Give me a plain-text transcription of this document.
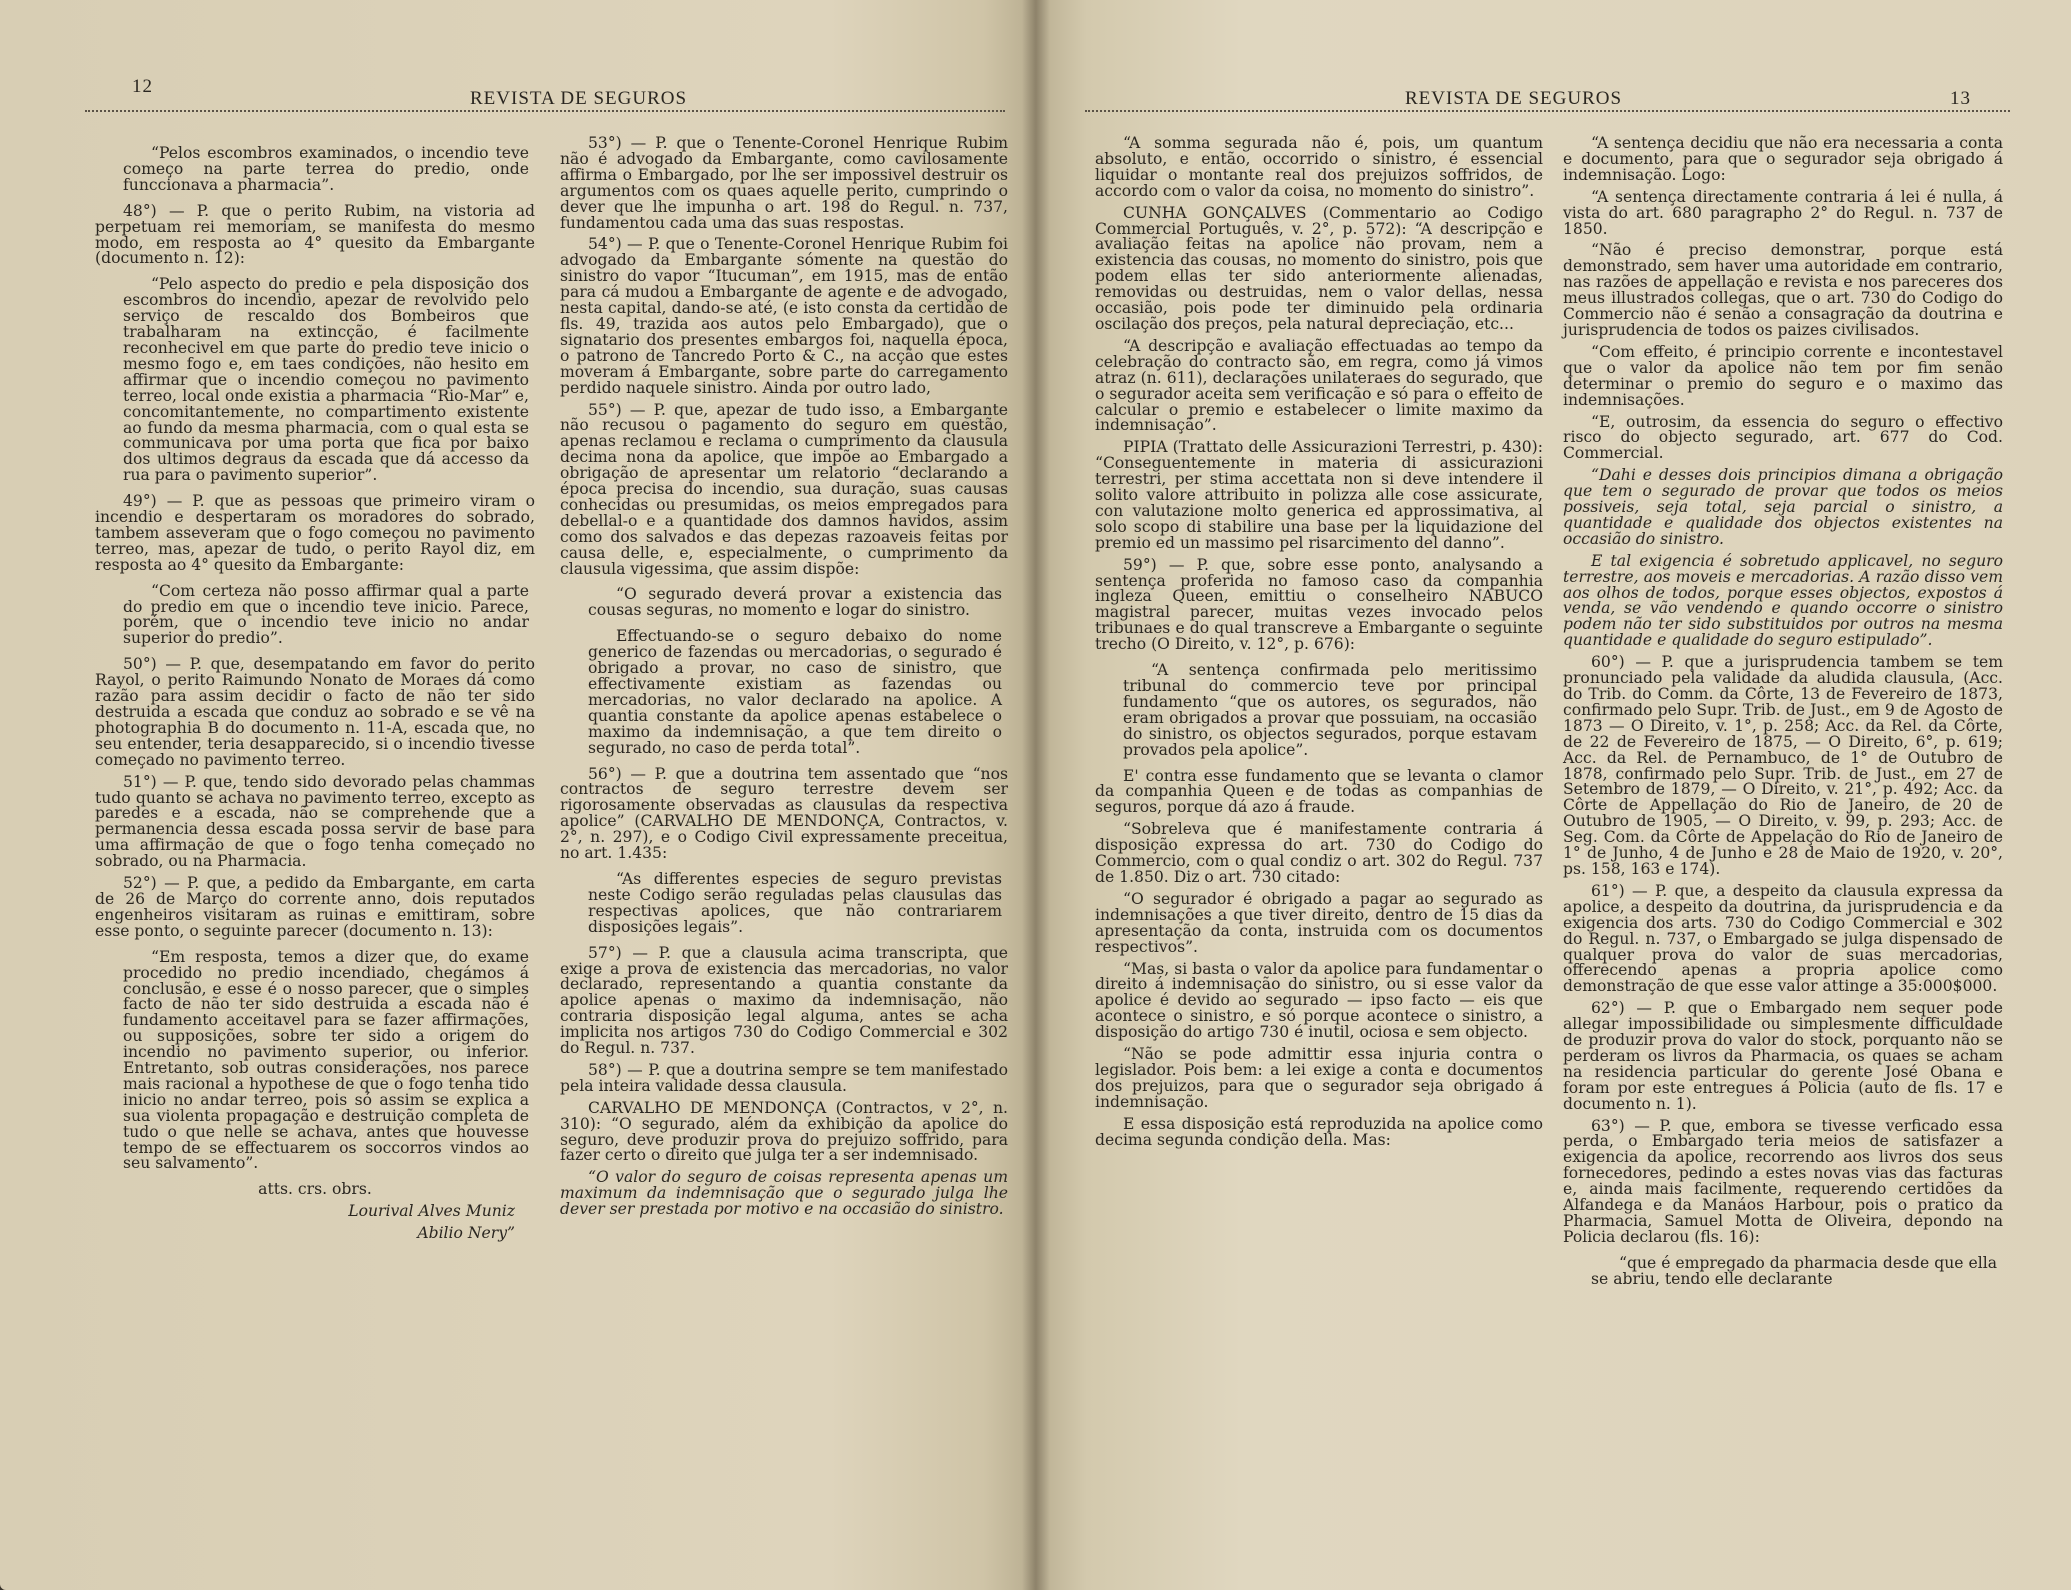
12
REVISTA DE SEGUROS

“Pelos escombros examinados, o incendio teve começo na parte terrea do predio, onde funccionava a pharmacia”.

48°) — P. que o perito Rubim, na vistoria ad perpetuam rei memoriam, se manifesta do mesmo modo, em resposta ao 4° quesito da Embargante (documento n. 12):

“Pelo aspecto do predio e pela disposição dos escombros do incendio, apezar de revolvido pelo serviço de rescaldo dos Bombeiros que trabalharam na extincção, é facilmente reconhecivel em que parte do predio teve inicio o mesmo fogo e, em taes condições, não hesito em affirmar que o incendio começou no pavimento terreo, local onde existia a pharmacia “Rio-Mar” e, concomitantemente, no compartimento existente ao fundo da mesma pharmacia, com o qual esta se communicava por uma porta que fica por baixo dos ultimos degraus da escada que dá accesso da rua para o pavimento superior”.

49°) — P. que as pessoas que primeiro viram o incendio e despertaram os moradores do sobrado, tambem asseveram que o fogo começou no pavimento terreo, mas, apezar de tudo, o perito Rayol diz, em resposta ao 4° quesito da Embargante:

“Com certeza não posso affirmar qual a parte do predio em que o incendio teve inicio. Parece, porém, que o incendio teve inicio no andar superior do predio”.

50°) — P. que, desempatando em favor do perito Rayol, o perito Raimundo Nonato de Moraes dá como razão para assim decidir o facto de não ter sido destruida a escada que conduz ao sobrado e se vê na photographia B do documento n. 11-A, escada que, no seu entender, teria desapparecido, si o incendio tivesse começado no pavimento terreo.

51°) — P. que, tendo sido devorado pelas chammas tudo quanto se achava no pavimento terreo, excepto as paredes e a escada, não se comprehende que a permanencia dessa escada possa servir de base para uma affirmação de que o fogo tenha começado no sobrado, ou na Pharmacia.

52°) — P. que, a pedido da Embargante, em carta de 26 de Março do corrente anno, dois reputados engenheiros visitaram as ruinas e emittiram, sobre esse ponto, o seguinte parecer (documento n. 13):

“Em resposta, temos a dizer que, do exame procedido no predio incendiado, chegámos á conclusão, e esse é o nosso parecer, que o simples facto de não ter sido destruida a escada não é fundamento acceitavel para se fazer affirmações, ou supposições, sobre ter sido a origem do incendio no pavimento superior, ou inferior. Entretanto, sob outras considerações, nos parece mais racional a hypothese de que o fogo tenha tido inicio no andar terreo, pois só assim se explica a sua violenta propagação e destruição completa de tudo o que nelle se achava, antes que houvesse tempo de se effectuarem os soccorros vindos ao seu salvamento”.

atts. crs. obrs.

Lourival Alves Muniz

Abilio Nery”

53°) — P. que o Tenente-Coronel Henrique Rubim não é advogado da Embargante, como cavilosamente affirma o Embargado, por lhe ser impossivel destruir os argumentos com os quaes aquelle perito, cumprindo o dever que lhe impunha o art. 198 do Regul. n. 737, fundamentou cada uma das suas respostas.

54°) — P. que o Tenente-Coronel Henrique Rubim foi advogado da Embargante sómente na questão do sinistro do vapor “Itucuman”, em 1915, mas de então para cá mudou a Embargante de agente e de advogado, nesta capital, dando-se até, (e isto consta da certidão de fls. 49, trazida aos autos pelo Embargado), que o signatario dos presentes embargos foi, naquella época, o patrono de Tancredo Porto & C., na acção que estes moveram á Embargante, sobre parte do carregamento perdido naquele sinistro. Ainda por outro lado,

55°) — P. que, apezar de tudo isso, a Embargante não recusou o pagamento do seguro em questão, apenas reclamou e reclama o cumprimento da clausula decima nona da apolice, que impõe ao Embargado a obrigação de apresentar um relatorio “declarando a época precisa do incendio, sua duração, suas causas conhecidas ou presumidas, os meios empregados para debellal-o e a quantidade dos damnos havidos, assim como dos salvados e das depezas razoaveis feitas por causa delle, e, especialmente, o cumprimento da clausula vigessima, que assim dispõe:

“O segurado deverá provar a existencia das cousas seguras, no momento e logar do sinistro.

Effectuando-se o seguro debaixo do nome generico de fazendas ou mercadorias, o segurado é obrigado a provar, no caso de sinistro, que effectivamente existiam as fazendas ou mercadorias, no valor declarado na apolice. A quantia constante da apolice apenas estabelece o maximo da indemnisação, a que tem direito o segurado, no caso de perda total”.

56°) — P. que a doutrina tem assentado que “nos contractos de seguro terrestre devem ser rigorosamente observadas as clausulas da respectiva apolice” (CARVALHO DE MENDONÇA, Contractos, v. 2°, n. 297), e o Codigo Civil expressamente preceitua, no art. 1.435:

“As differentes especies de seguro previstas neste Codigo serão reguladas pelas clausulas das respectivas apolices, que não contrariarem disposições legais”.

57°) — P. que a clausula acima transcripta, que exige a prova de existencia das mercadorias, no valor declarado, representando a quantia constante da apolice apenas o maximo da indemnisação, não contraria disposição legal alguma, antes se acha implicita nos artigos 730 do Codigo Commercial e 302 do Regul. n. 737.

58°) — P. que a doutrina sempre se tem manifestado pela inteira validade dessa clausula.

CARVALHO DE MENDONÇA (Contractos, v 2°, n. 310): “O segurado, além da exhibição da apolice do seguro, deve produzir prova do prejuizo soffrido, para fazer certo o direito que julga ter a ser indemnisado.

“O valor do seguro de coisas representa apenas um maximum da indemnisação que o segurado julga lhe dever ser prestada por motivo e na occasião do sinistro.

REVISTA DE SEGUROS	13

“A somma segurada não é, pois, um quantum absoluto, e então, occorrido o sinistro, é essencial liquidar o montante real dos prejuizos soffridos, de accordo com o valor da coisa, no momento do sinistro”.

CUNHA GONÇALVES (Commentario ao Codigo Commercial Português, v. 2°, p. 572): “A descripção e avaliação feitas na apolice não provam, nem a existencia das cousas, no momento do sinistro, pois que podem ellas ter sido anteriormente alienadas, removidas ou destruidas, nem o valor dellas, nessa occasião, pois pode ter diminuido pela ordinaria oscilação dos preços, pela natural depreciação, etc...

“A descripção e avaliação effectuadas ao tempo da celebração do contracto são, em regra, como já vimos atraz (n. 611), declarações unilateraes do segurado, que o segurador aceita sem verificação e só para o effeito de calcular o premio e estabelecer o limite maximo da indemnisação”.

PIPIA (Trattato delle Assicurazioni Terrestri, p. 430): “Conseguentemente in materia di assicurazioni terrestri, per stima accettata non si deve intendere il solito valore attribuito in polizza alle cose assicurate, con valutazione molto generica ed approssimativa, al solo scopo di stabilire una base per la liquidazione del premio ed un massimo pel risarcimento del danno”.

59°) — P. que, sobre esse ponto, analysando a sentença proferida no famoso caso da companhia ingleza Queen, emittiu o conselheiro NABUCO magistral parecer, muitas vezes invocado pelos tribunaes e do qual transcreve a Embargante o seguinte trecho (O Direito, v. 12°, p. 676):

“A sentença confirmada pelo meritissimo tribunal do commercio teve por principal fundamento “que os autores, os segurados, não eram obrigados a provar que possuiam, na occasião do sinistro, os objectos segurados, porque estavam provados pela apolice”.

E' contra esse fundamento que se levanta o clamor da companhia Queen e de todas as companhias de seguros, porque dá azo á fraude.

“Sobreleva que é manifestamente contraria á disposição expressa do art. 730 do Codigo do Commercio, com o qual condiz o art. 302 do Regul. 737 de 1.850. Diz o art. 730 citado:

“O segurador é obrigado a pagar ao segurado as indemnisações a que tiver direito, dentro de 15 dias da apresentação da conta, instruida com os documentos respectivos”.

“Mas, si basta o valor da apolice para fundamentar o direito á indemnisação do sinistro, ou si esse valor da apolice é devido ao segurado — ipso facto — eis que acontece o sinistro, e só porque acontece o sinistro, a disposição do artigo 730 é inutil, ociosa e sem objecto.

“Não se pode admittir essa injuria contra o legislador. Pois bem: a lei exige a conta e documentos dos prejuizos, para que o segurador seja obrigado á indemnisação.

E essa disposição está reproduzida na apolice como decima segunda condição della. Mas:

“A sentença decidiu que não era necessaria a conta e documento, para que o segurador seja obrigado á indemnisação. Logo:

“A sentença directamente contraria á lei é nulla, á vista do art. 680 paragrapho 2° do Regul. n. 737 de 1850.

“Não é preciso demonstrar, porque está demonstrado, sem haver uma autoridade em contrario, nas razões de appellação e revista e nos pareceres dos meus illustrados collegas, que o art. 730 do Codigo do Commercio não é senão a consagração da doutrina e jurisprudencia de todos os paizes civilisados.

“Com effeito, é principio corrente e incontestavel que o valor da apolice não tem por fim senão determinar o premio do seguro e o maximo das indemnisações.

“E, outrosim, da essencia do seguro o effectivo risco do objecto segurado, art. 677 do Cod. Commercial.

“Dahi e desses dois principios dimana a obrigação que tem o segurado de provar que todos os meios possiveis, seja total, seja parcial o sinistro, a quantidade e qualidade dos objectos existentes na occasião do sinistro.

E tal exigencia é sobretudo applicavel, no seguro terrestre, aos moveis e mercadorias. A razão disso vem aos olhos de todos, porque esses objectos, expostos á venda, se vão vendendo e quando occorre o sinistro podem não ter sido substituidos por outros na mesma quantidade e qualidade do seguro estipulado”.

60°) — P. que a jurisprudencia tambem se tem pronunciado pela validade da aludida clausula, (Acc. do Trib. do Comm. da Côrte, 13 de Fevereiro de 1873, confirmado pelo Supr. Trib. de Just., em 9 de Agosto de 1873 — O Direito, v. 1°, p. 258; Acc. da Rel. da Côrte, de 22 de Fevereiro de 1875, — O Direito, 6°, p. 619; Acc. da Rel. de Pernambuco, de 1° de Outubro de 1878, confirmado pelo Supr. Trib. de Just., em 27 de Setembro de 1879, — O Direito, v. 21°, p. 492; Acc. da Côrte de Appellação do Rio de Janeiro, de 20 de Outubro de 1905, — O Direito, v. 99, p. 293; Acc. de Seg. Com. da Côrte de Appelação do Rio de Janeiro de 1° de Junho, 4 de Junho e 28 de Maio de 1920, v. 20°, ps. 158, 163 e 174).

61°) — P. que, a despeito da clausula expressa da apolice, a despeito da doutrina, da jurisprudencia e da exigencia dos arts. 730 do Codigo Commercial e 302 do Regul. n. 737, o Embargado se julga dispensado de qualquer prova do valor de suas mercadorias, offerecendo apenas a propria apolice como demonstração de que esse valor attinge a 35:000$000.

62°) — P. que o Embargado nem sequer pode allegar impossibilidade ou simplesmente difficuldade de produzir prova do valor do stock, porquanto não se perderam os livros da Pharmacia, os quaes se acham na residencia particular do gerente José Obana e foram por este entregues á Policia (auto de fls. 17 e documento n. 1).

63°) — P. que, embora se tivesse verficado essa perda, o Embargado teria meios de satisfazer a exigencia da apolice, recorrendo aos livros dos seus fornecedores, pedindo a estes novas vias das facturas e, ainda mais facilmente, requerendo certidões da Alfandega e da Manáos Harbour, pois o pratico da Pharmacia, Samuel Motta de Oliveira, depondo na Policia declarou (fls. 16):

“que é empregado da pharmacia desde que ella se abriu, tendo elle declarante
